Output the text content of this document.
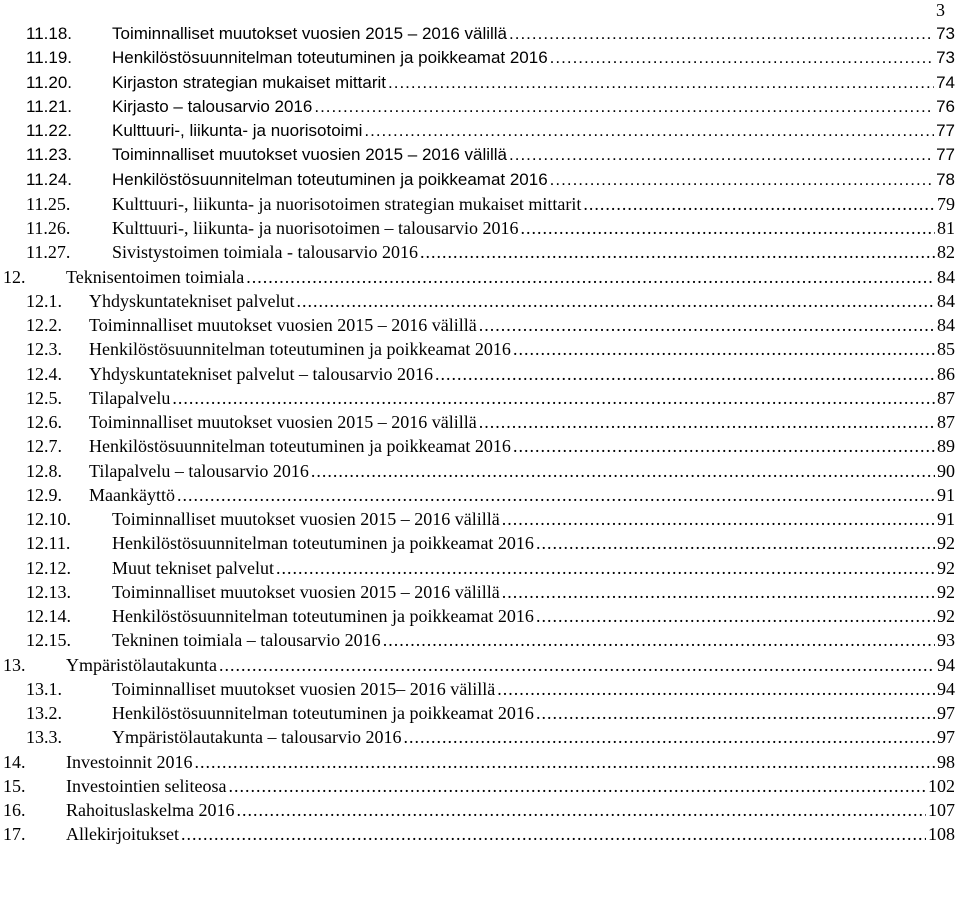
3
11.18. Toiminnalliset muutokset vuosien 2015 – 2016 välillä .....	73
11.19. Henkilöstösuunnitelman toteutuminen ja poikkeamat 2016 .....	73
11.20. Kirjaston strategian mukaiset mittarit .....	74
11.21. Kirjasto – talousarvio 2016 .....	76
11.22. Kulttuuri-, liikunta- ja nuorisotoimi .....	77
11.23. Toiminnalliset muutokset vuosien 2015 – 2016 välillä .....	77
11.24. Henkilöstösuunnitelman toteutuminen ja poikkeamat 2016 .....	78
11.25. Kulttuuri-, liikunta- ja nuorisotoimen strategian mukaiset mittarit .....	79
11.26. Kulttuuri-, liikunta- ja nuorisotoimen – talousarvio 2016 .....	81
11.27. Sivistystoimen toimiala - talousarvio 2016 .....	82
12. Teknisentoimen toimiala .....	84
12.1. Yhdyskuntatekniset palvelut .....	84
12.2. Toiminnalliset muutokset vuosien 2015 – 2016 välillä .....	84
12.3. Henkilöstösuunnitelman toteutuminen ja poikkeamat 2016 .....	85
12.4. Yhdyskuntatekniset palvelut – talousarvio 2016 .....	86
12.5. Tilapalvelu .....	87
12.6. Toiminnalliset muutokset vuosien 2015 – 2016 välillä .....	87
12.7. Henkilöstösuunnitelman toteutuminen ja poikkeamat 2016 .....	89
12.8. Tilapalvelu – talousarvio 2016 .....	90
12.9. Maankäyttö .....	91
12.10. Toiminnalliset muutokset vuosien 2015 – 2016 välillä .....	91
12.11. Henkilöstösuunnitelman toteutuminen ja poikkeamat 2016 .....	92
12.12. Muut tekniset palvelut .....	92
12.13. Toiminnalliset muutokset vuosien 2015 – 2016 välillä .....	92
12.14. Henkilöstösuunnitelman toteutuminen ja poikkeamat 2016 .....	92
12.15. Tekninen toimiala – talousarvio 2016 .....	93
13. Ympäristölautakunta .....	94
13.1.	Toiminnalliset muutokset vuosien 2015– 2016 välillä .....	94
13.2.	Henkilöstösuunnitelman toteutuminen ja poikkeamat 2016 .....	97
13.3.	Ympäristölautakunta – talousarvio 2016 .....	97
14. Investoinnit 2016 .....	98
15. Investointien seliteosa .....	102
16. Rahoituslaskelma 2016 .....	107
17. Allekirjoitukset .....	108
